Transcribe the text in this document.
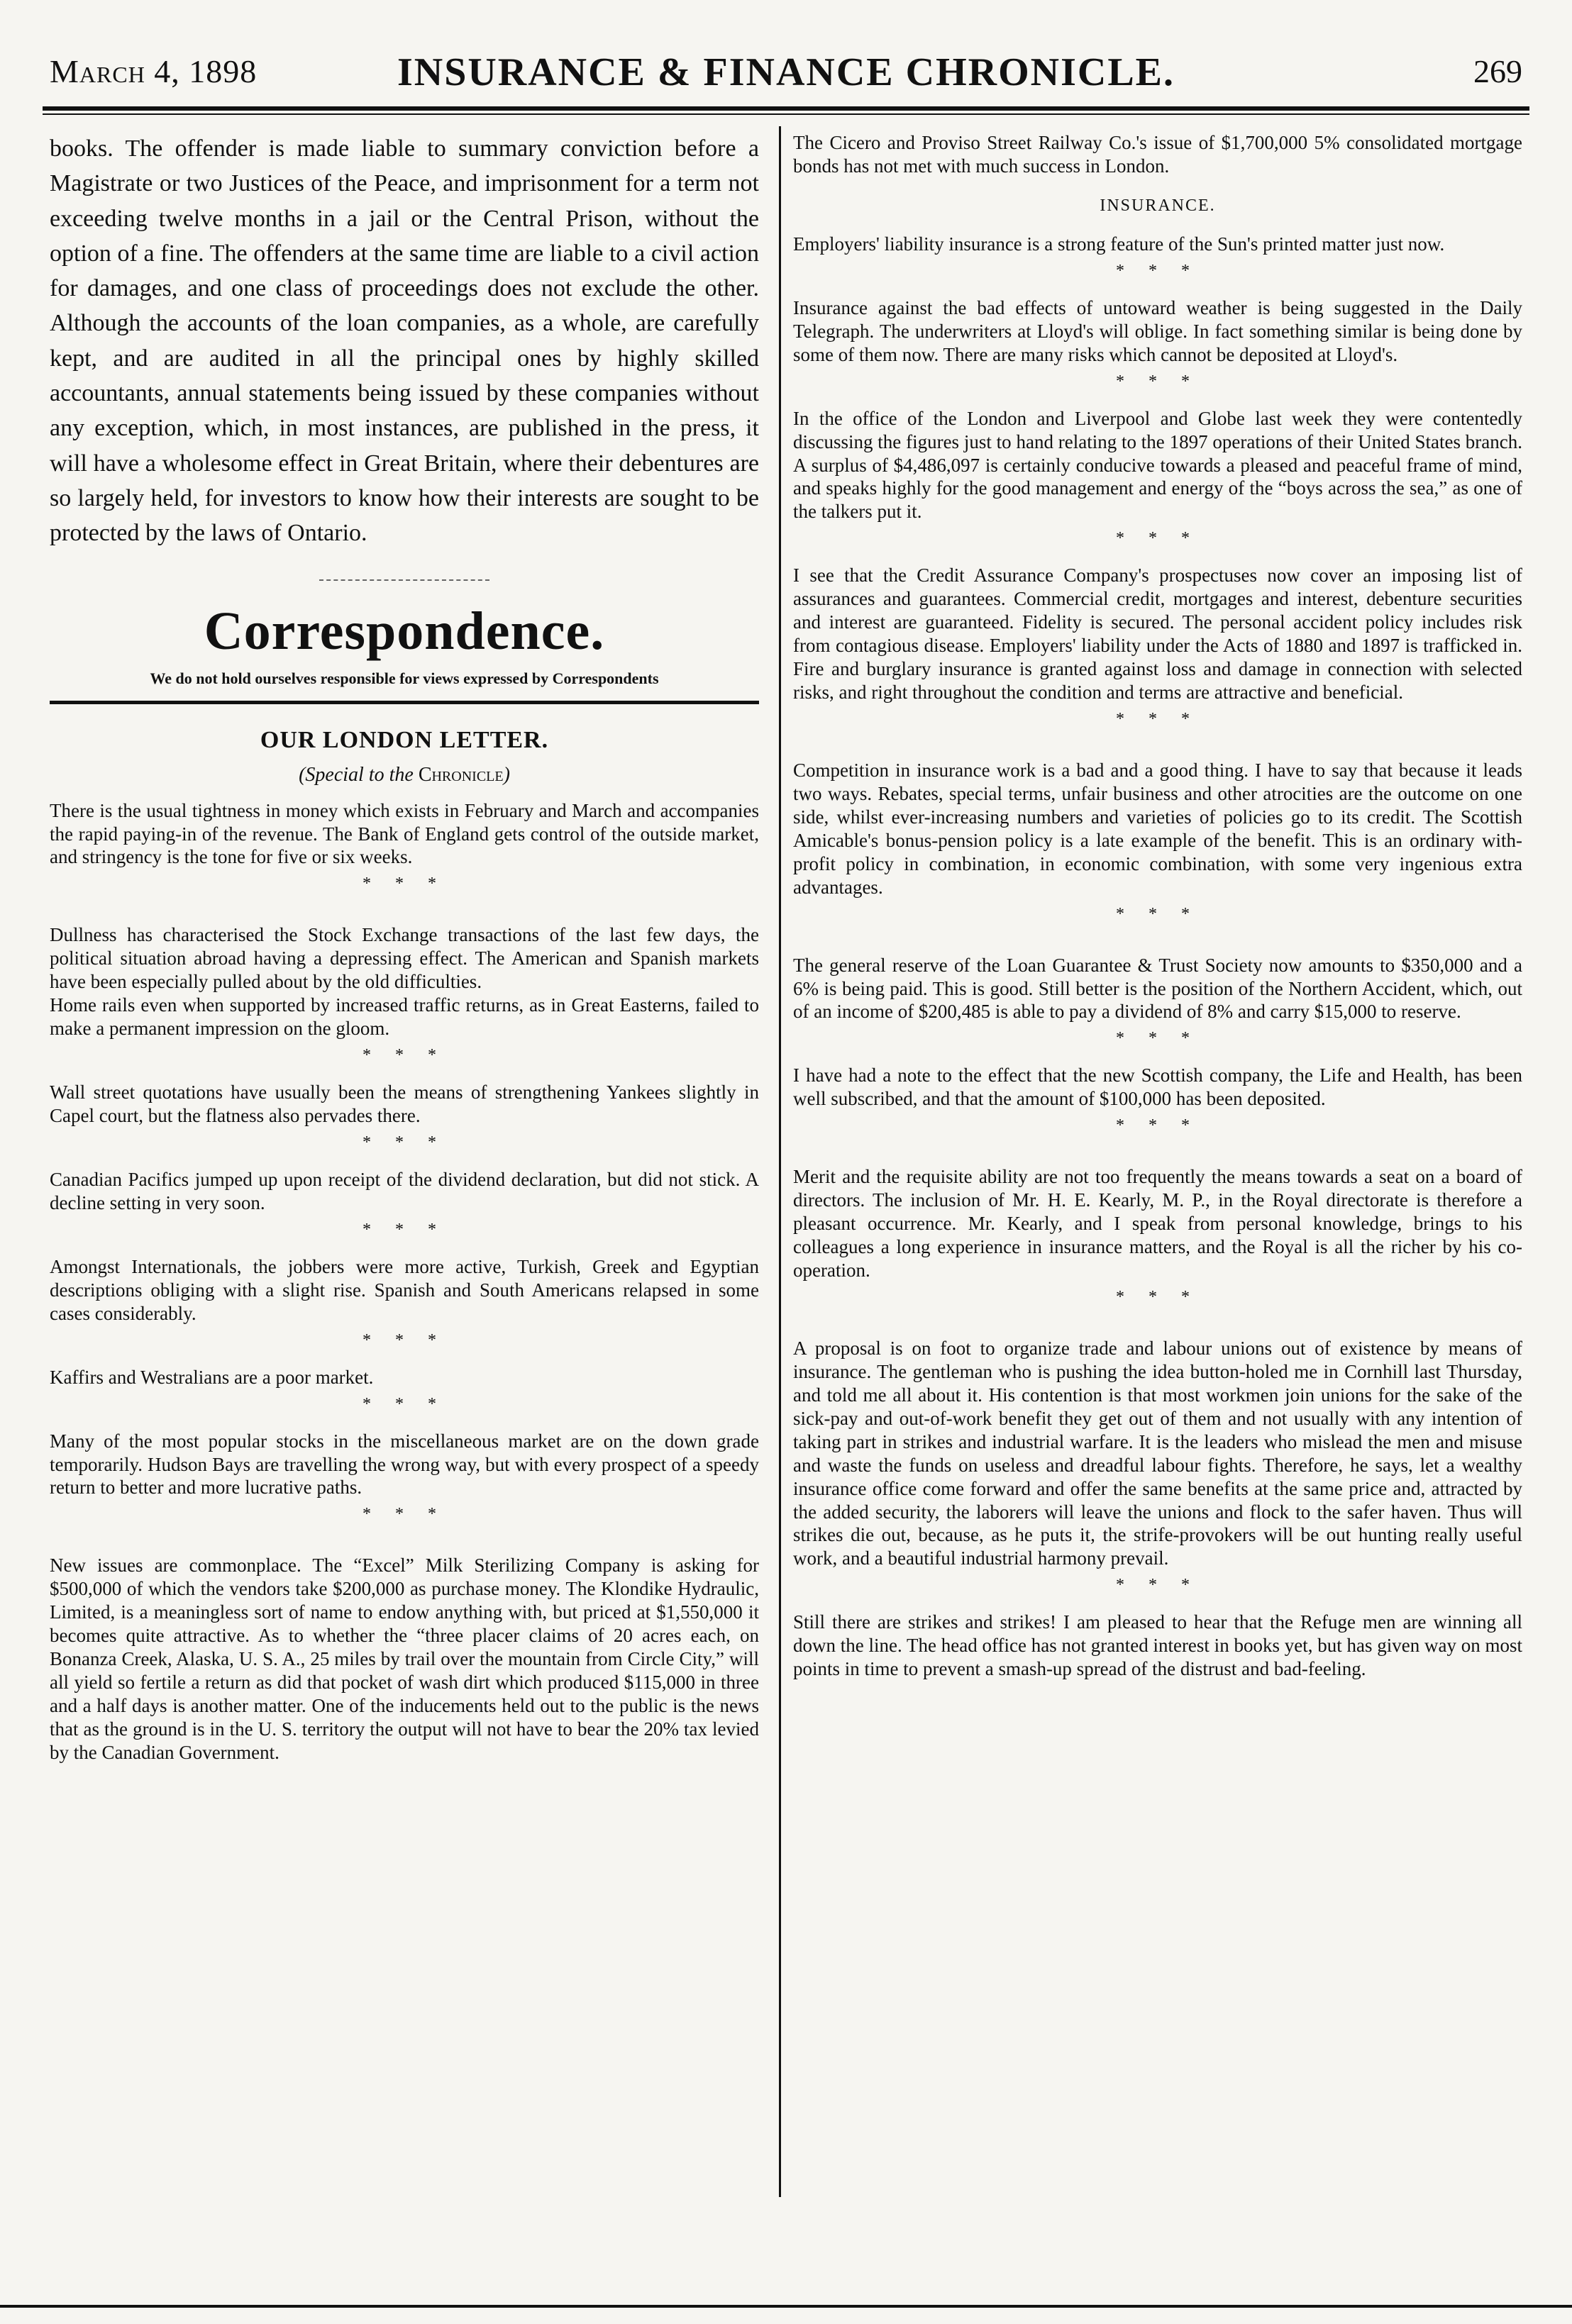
March 4, 1898	INSURANCE & FINANCE CHRONICLE.	269

books. The offender is made liable to summary conviction before a Magistrate or two Justices of the Peace, and imprisonment for a term not exceeding twelve months in a jail or the Central Prison, without the option of a fine. The offenders at the same time are liable to a civil action for damages, and one class of proceedings does not exclude the other. Although the accounts of the loan companies, as a whole, are carefully kept, and are audited in all the principal ones by highly skilled accountants, annual statements being issued by these companies without any exception, which, in most instances, are published in the press, it will have a wholesome effect in Great Britain, where their debentures are so largely held, for investors to know how their interests are sought to be protected by the laws of Ontario.

Correspondence.
We do not hold ourselves responsible for views expressed by Correspondents
OUR LONDON LETTER.
(Special to the Chronicle)

There is the usual tightness in money which exists in February and March and accompanies the rapid paying-in of the revenue. The Bank of England gets control of the outside market, and stringency is the tone for five or six weeks.

* * *

Dullness has characterised the Stock Exchange transactions of the last few days, the political situation abroad having a depressing effect. The American and Spanish markets have been especially pulled about by the old difficulties.

Home rails even when supported by increased traffic returns, as in Great Easterns, failed to make a permanent impression on the gloom.

* * *

Wall street quotations have usually been the means of strengthening Yankees slightly in Capel court, but the flatness also pervades there.

* * *

Canadian Pacifics jumped up upon receipt of the dividend declaration, but did not stick. A decline setting in very soon.

* * *

Amongst Internationals, the jobbers were more active, Turkish, Greek and Egyptian descriptions obliging with a slight rise. Spanish and South Americans relapsed in some cases considerably.

* * *

Kaffirs and Westralians are a poor market.

* * *

Many of the most popular stocks in the miscellaneous market are on the down grade temporarily. Hudson Bays are travelling the wrong way, but with every prospect of a speedy return to better and more lucrative paths.

* * *

New issues are commonplace. The “Excel” Milk Sterilizing Company is asking for $500,000 of which the vendors take $200,000 as purchase money. The Klondike Hydraulic, Limited, is a meaningless sort of name to endow anything with, but priced at $1,550,000 it becomes quite attractive. As to whether the “three placer claims of 20 acres each, on Bonanza Creek, Alaska, U. S. A., 25 miles by trail over the mountain from Circle City,” will all yield so fertile a return as did that pocket of wash dirt which produced $115,000 in three and a half days is another matter. One of the inducements held out to the public is the news that as the ground is in the U. S. territory the output will not have to bear the 20% tax levied by the Canadian Government.

The Cicero and Proviso Street Railway Co.'s issue of $1,700,000 5% consolidated mortgage bonds has not met with much success in London.

INSURANCE.

Employers' liability insurance is a strong feature of the Sun's printed matter just now.

* * *

Insurance against the bad effects of untoward weather is being suggested in the Daily Telegraph. The underwriters at Lloyd's will oblige. In fact something similar is being done by some of them now. There are many risks which cannot be deposited at Lloyd's.

* * *

In the office of the London and Liverpool and Globe last week they were contentedly discussing the figures just to hand relating to the 1897 operations of their United States branch. A surplus of $4,486,097 is certainly conducive towards a pleased and peaceful frame of mind, and speaks highly for the good management and energy of the “boys across the sea,” as one of the talkers put it.

* * *

I see that the Credit Assurance Company's prospectuses now cover an imposing list of assurances and guarantees. Commercial credit, mortgages and interest, debenture securities and interest are guaranteed. Fidelity is secured. The personal accident policy includes risk from contagious disease. Employers' liability under the Acts of 1880 and 1897 is trafficked in. Fire and burglary insurance is granted against loss and damage in connection with selected risks, and right throughout the condition and terms are attractive and beneficial.

* * *

Competition in insurance work is a bad and a good thing. I have to say that because it leads two ways. Rebates, special terms, unfair business and other atrocities are the outcome on one side, whilst ever-increasing numbers and varieties of policies go to its credit. The Scottish Amicable's bonus-pension policy is a late example of the benefit. This is an ordinary with-profit policy in combination, in economic combination, with some very ingenious extra advantages.

* * *

The general reserve of the Loan Guarantee & Trust Society now amounts to $350,000 and a 6% is being paid. This is good. Still better is the position of the Northern Accident, which, out of an income of $200,485 is able to pay a dividend of 8% and carry $15,000 to reserve.

* * *

I have had a note to the effect that the new Scottish company, the Life and Health, has been well subscribed, and that the amount of $100,000 has been deposited.

* * *

Merit and the requisite ability are not too frequently the means towards a seat on a board of directors. The inclusion of Mr. H. E. Kearly, M. P., in the Royal directorate is therefore a pleasant occurrence. Mr. Kearly, and I speak from personal knowledge, brings to his colleagues a long experience in insurance matters, and the Royal is all the richer by his co-operation.

* * *

A proposal is on foot to organize trade and labour unions out of existence by means of insurance. The gentleman who is pushing the idea button-holed me in Cornhill last Thursday, and told me all about it. His contention is that most workmen join unions for the sake of the sick-pay and out-of-work benefit they get out of them and not usually with any intention of taking part in strikes and industrial warfare. It is the leaders who mislead the men and misuse and waste the funds on useless and dreadful labour fights. Therefore, he says, let a wealthy insurance office come forward and offer the same benefits at the same price and, attracted by the added security, the laborers will leave the unions and flock to the safer haven. Thus will strikes die out, because, as he puts it, the strife-provokers will be out hunting really useful work, and a beautiful industrial harmony prevail.

* * *

Still there are strikes and strikes! I am pleased to hear that the Refuge men are winning all down the line. The head office has not granted interest in books yet, but has given way on most points in time to prevent a smash-up spread of the distrust and bad-feeling.
